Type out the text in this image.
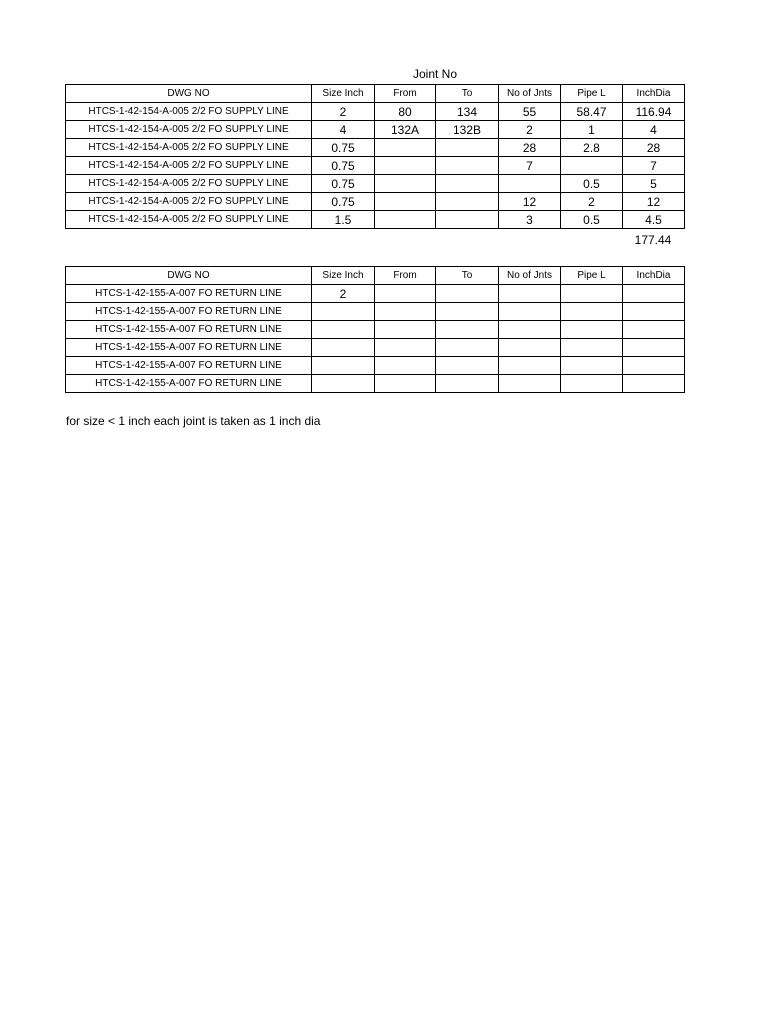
Joint No
DWG NO	Size Inch	From	To	No of Jnts	Pipe L	InchDia
HTCS-1-42-154-A-005 2/2 FO SUPPLY LINE	2	80	134	55	58.47	116.94
HTCS-1-42-154-A-005 2/2 FO SUPPLY LINE	4	132A	132B	2	1	4
HTCS-1-42-154-A-005 2/2 FO SUPPLY LINE	0.75			28	2.8	28
HTCS-1-42-154-A-005 2/2 FO SUPPLY LINE	0.75			7		7
HTCS-1-42-154-A-005 2/2 FO SUPPLY LINE	0.75				0.5	5
HTCS-1-42-154-A-005 2/2 FO SUPPLY LINE	0.75			12	2	12
HTCS-1-42-154-A-005 2/2 FO SUPPLY LINE	1.5			3	0.5	4.5
177.44
DWG NO	Size Inch	From	To	No of Jnts	Pipe L	InchDia
HTCS-1-42-155-A-007 FO RETURN LINE	2					
HTCS-1-42-155-A-007 FO RETURN LINE						
HTCS-1-42-155-A-007 FO RETURN LINE						
HTCS-1-42-155-A-007 FO RETURN LINE						
HTCS-1-42-155-A-007 FO RETURN LINE						
HTCS-1-42-155-A-007 FO RETURN LINE						
for size < 1 inch each joint is taken as 1 inch dia
